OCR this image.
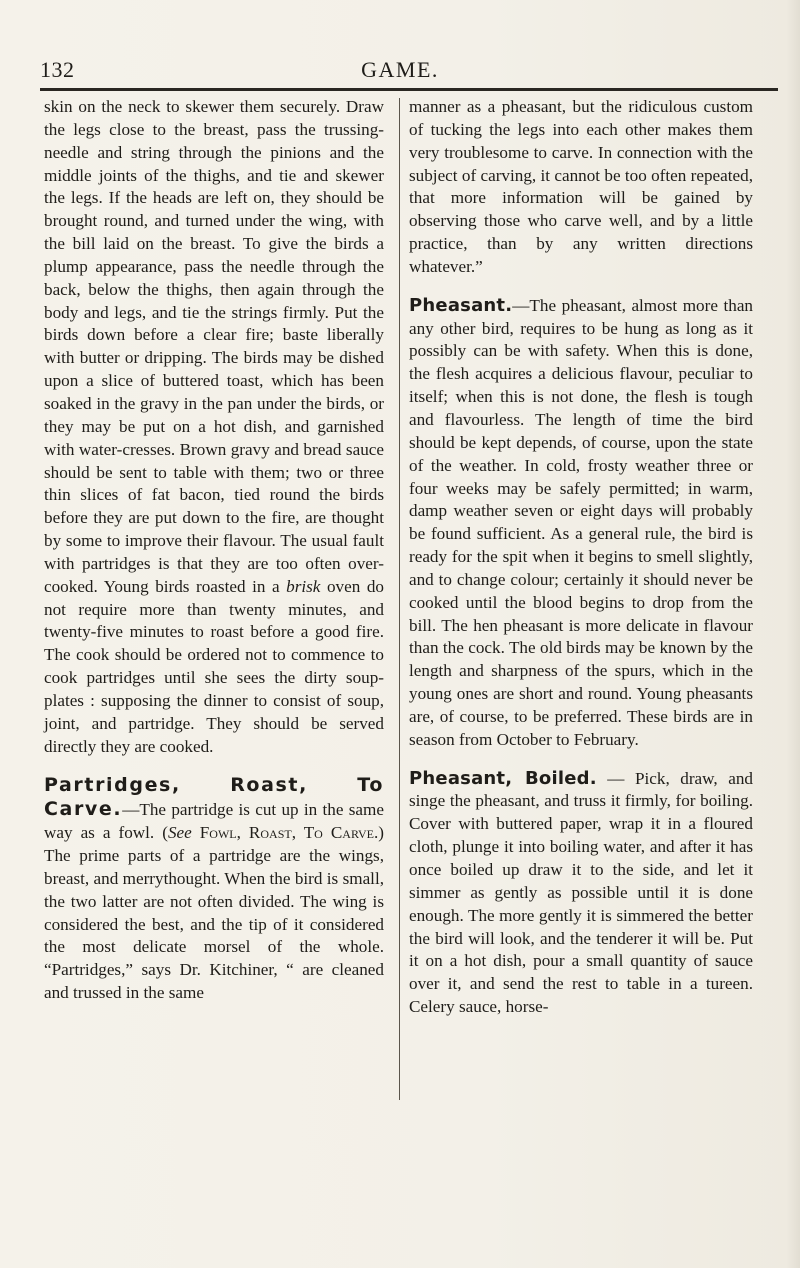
132	GAME.

skin on the neck to skewer them securely. Draw the legs close to the breast, pass the trussing-needle and string through the pinions and the middle joints of the thighs, and tie and skewer the legs. If the heads are left on, they should be brought round, and turned under the wing, with the bill laid on the breast. To give the birds a plump appearance, pass the needle through the back, below the thighs, then again through the body and legs, and tie the strings firmly. Put the birds down before a clear fire; baste liberally with butter or dripping. The birds may be dished upon a slice of buttered toast, which has been soaked in the gravy in the pan under the birds, or they may be put on a hot dish, and garnished with water-cresses. Brown gravy and bread sauce should be sent to table with them; two or three thin slices of fat bacon, tied round the birds before they are put down to the fire, are thought by some to improve their flavour. The usual fault with partridges is that they are too often over-cooked. Young birds roasted in a brisk oven do not require more than twenty minutes, and twenty-five minutes to roast before a good fire. The cook should be ordered not to commence to cook partridges until she sees the dirty soup-plates : supposing the dinner to consist of soup, joint, and partridge. They should be served directly they are cooked.

Partridges, Roast, To Carve.—The partridge is cut up in the same way as a fowl. (See Fowl, Roast, To Carve.) The prime parts of a partridge are the wings, breast, and merrythought. When the bird is small, the two latter are not often divided. The wing is considered the best, and the tip of it considered the most delicate morsel of the whole. “Partridges,” says Dr. Kitchiner, “ are cleaned and trussed in the same

manner as a pheasant, but the ridiculous custom of tucking the legs into each other makes them very troublesome to carve. In connection with the subject of carving, it cannot be too often repeated, that more information will be gained by observing those who carve well, and by a little practice, than by any written directions whatever.”

Pheasant.—The pheasant, almost more than any other bird, requires to be hung as long as it possibly can be with safety. When this is done, the flesh acquires a delicious flavour, peculiar to itself; when this is not done, the flesh is tough and flavourless. The length of time the bird should be kept depends, of course, upon the state of the weather. In cold, frosty weather three or four weeks may be safely permitted; in warm, damp weather seven or eight days will probably be found sufficient. As a general rule, the bird is ready for the spit when it begins to smell slightly, and to change colour; certainly it should never be cooked until the blood begins to drop from the bill. The hen pheasant is more delicate in flavour than the cock. The old birds may be known by the length and sharpness of the spurs, which in the young ones are short and round. Young pheasants are, of course, to be preferred. These birds are in season from October to February.

Pheasant, Boiled. — Pick, draw, and singe the pheasant, and truss it firmly, for boiling. Cover with buttered paper, wrap it in a floured cloth, plunge it into boiling water, and after it has once boiled up draw it to the side, and let it simmer as gently as possible until it is done enough. The more gently it is simmered the better the bird will look, and the tenderer it will be. Put it on a hot dish, pour a small quantity of sauce over it, and send the rest to table in a tureen. Celery sauce, horse-
